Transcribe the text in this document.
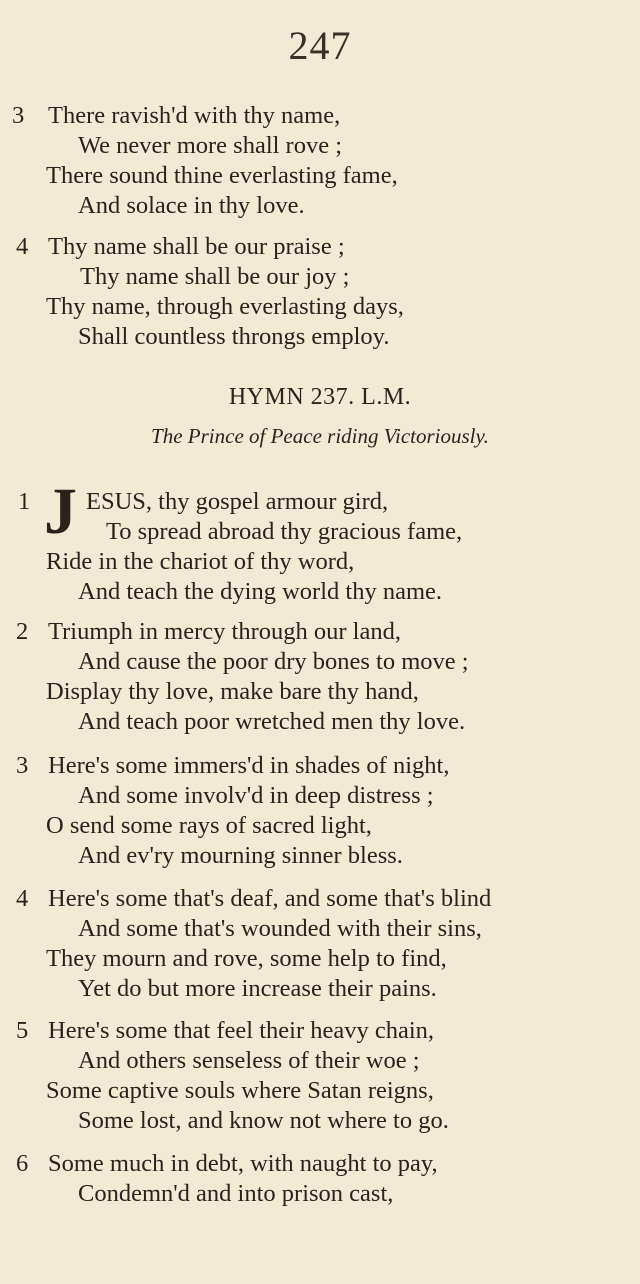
247
3 There ravish'd with thy name,
We never more shall rove ;
There sound thine everlasting fame,
And solace in thy love.
4 Thy name shall be our praise ;
Thy name shall be our joy ;
Thy name, through everlasting days,
Shall countless throngs employ.
HYMN 237. L.M.
The Prince of Peace riding Victoriously.
J
1 ESUS, thy gospel armour gird,
To spread abroad thy gracious fame,
Ride in the chariot of thy word,
And teach the dying world thy name.
2 Triumph in mercy through our land,
And cause the poor dry bones to move ;
Display thy love, make bare thy hand,
And teach poor wretched men thy love.
3 Here's some immers'd in shades of night,
And some involv'd in deep distress ;
O send some rays of sacred light,
And ev'ry mourning sinner bless.
4 Here's some that's deaf, and some that's blind
And some that's wounded with their sins,
They mourn and rove, some help to find,
Yet do but more increase their pains.
5 Here's some that feel their heavy chain,
And others senseless of their woe ;
Some captive souls where Satan reigns,
Some lost, and know not where to go.
6 Some much in debt, with naught to pay,
Condemn'd and into prison cast,
